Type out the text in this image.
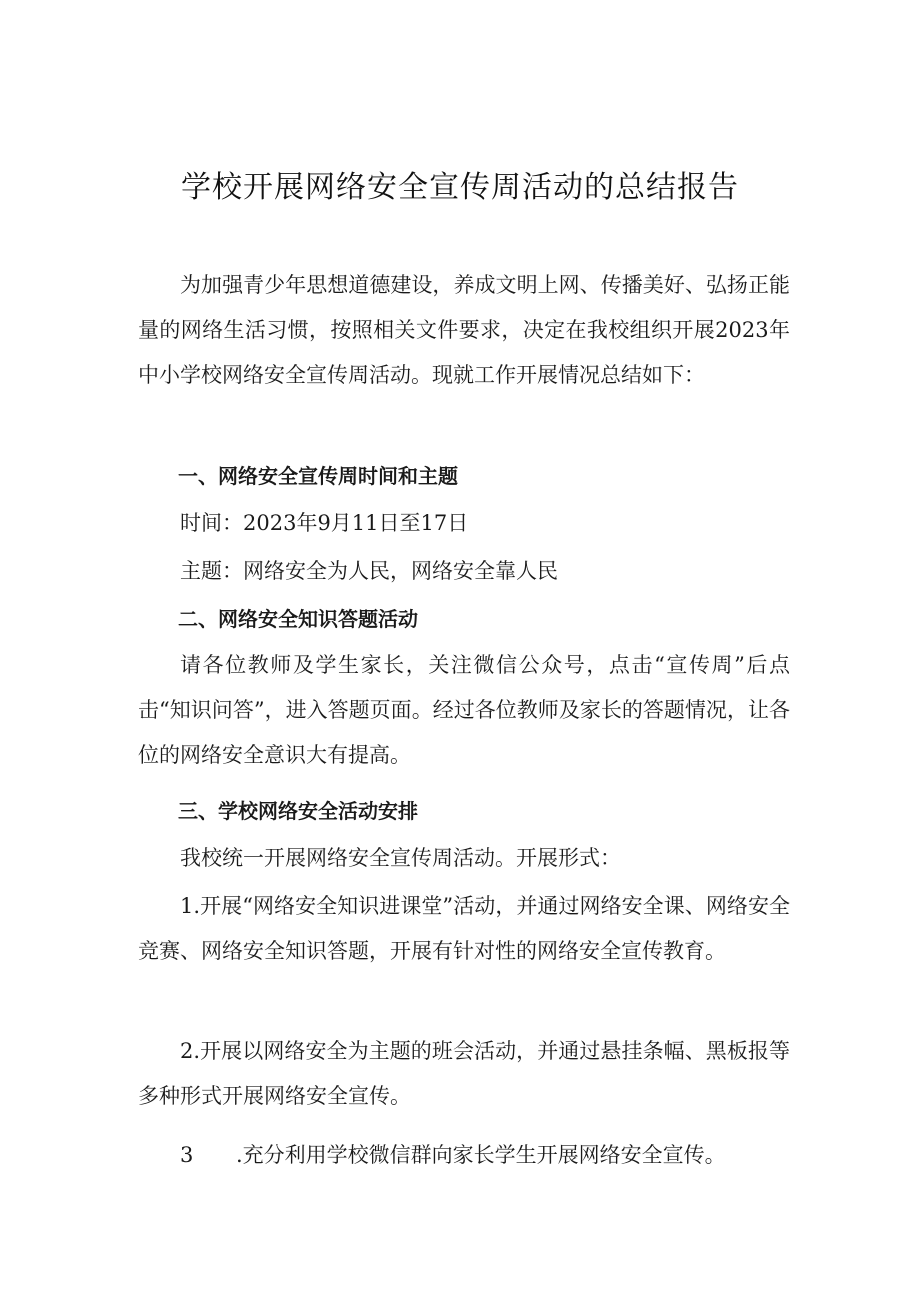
学校开展网络安全宣传周活动的总结报告

为加强青少年思想道德建设，养成文明上网、传播美好、弘扬正能量的网络生活习惯，按照相关文件要求，决定在我校组织开展2023年中小学校网络安全宣传周活动。现就工作开展情况总结如下：

一、网络安全宣传周时间和主题

时间：2023年9月11日至17日

主题：网络安全为人民，网络安全靠人民

二、网络安全知识答题活动

请各位教师及学生家长，关注微信公众号，点击“宣传周”后点击“知识问答”，进入答题页面。经过各位教师及家长的答题情况，让各位的网络安全意识大有提高。

三、学校网络安全活动安排

我校统一开展网络安全宣传周活动。开展形式：

1.开展“网络安全知识进课堂”活动，并通过网络安全课、网络安全竞赛、网络安全知识答题，开展有针对性的网络安全宣传教育。

2.开展以网络安全为主题的班会活动，并通过悬挂条幅、黑板报等多种形式开展网络安全宣传。

3 .充分利用学校微信群向家长学生开展网络安全宣传。
